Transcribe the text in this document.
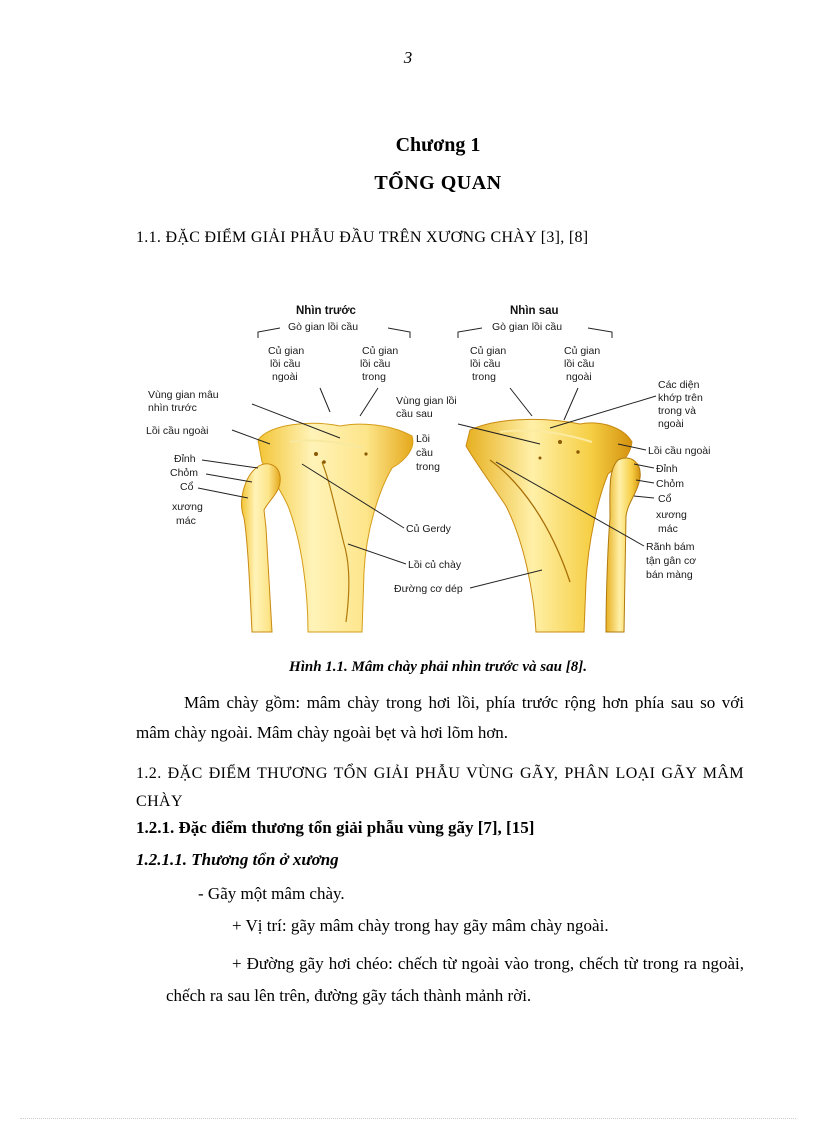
3
Chương 1
TỔNG QUAN
1.1. ĐẶC ĐIỂM GIẢI PHẪU ĐẦU TRÊN XƯƠNG CHÀY [3], [8]
Nhìn trước
Gò gian lồi cầu
Củ gian
lồi cầu
ngoài
Củ gian
lồi cầu
trong
Vùng gian mâu
nhìn trước
Lồi cầu ngoài
Đỉnh
Chỏm
Cổ
xương
mác
Lồi
cầu
trong
Củ Gerdy
Lồi củ chày
Đường cơ dép
Nhìn sau
Gò gian lồi cầu
Củ gian
lồi cầu
trong
Củ gian
lồi cầu
ngoài
Vùng gian lồi
cầu sau
Các diện
khớp trên
trong và
ngoài
Lồi cầu ngoài
Đỉnh
Chỏm
Cổ
xương
mác
Rãnh bám
tận gân cơ
bán màng
Hình 1.1. Mâm chày phải nhìn trước và sau [8].
Mâm chày gồm: mâm chày trong hơi lồi, phía trước rộng hơn phía sau so với mâm chày ngoài. Mâm chày ngoài bẹt và hơi lõm hơn.
1.2. ĐẶC ĐIỂM THƯƠNG TỔN GIẢI PHẪU VÙNG GÃY, PHÂN LOẠI GÃY MÂM CHÀY
1.2.1. Đặc điểm thương tổn giải phẫu vùng gãy [7], [15]
1.2.1.1. Thương tổn ở xương
- Gãy một mâm chày.
+ Vị trí: gãy mâm chày trong hay gãy mâm chày ngoài.
+ Đường gãy hơi chéo: chếch từ ngoài vào trong, chếch từ trong ra ngoài, chếch ra sau lên trên, đường gãy tách thành mảnh rời.
